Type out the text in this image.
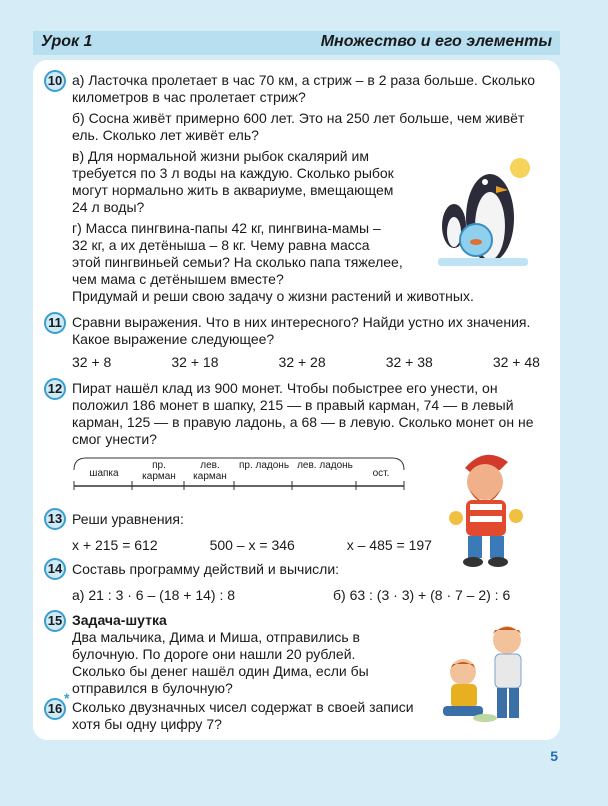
Урок 1	Множество и его элементы
10 а) Ласточка пролетает в час 70 км, а стриж – в 2 раза больше. Сколько
километров в час пролетает стриж?
б) Сосна живёт примерно 600 лет. Это на 250 лет больше, чем живёт
ель. Сколько лет живёт ель?
в) Для нормальной жизни рыбок скалярий им
требуется по 3 л воды на каждую. Сколько рыбок
могут нормально жить в аквариуме, вмещающем
24 л воды?
г) Масса пингвина-папы 42 кг, пингвина-мамы –
32 кг, а их детёныша – 8 кг. Чему равна масса
этой пингвиньей семьи? На сколько папа тяжелее,
чем мама с детёнышем вместе?
Придумай и реши свою задачу о жизни растений и животных.
11 Сравни выражения. Что в них интересного? Найди устно их значения.
Какое выражение следующее?
32 + 8	32 + 18	32 + 28	32 + 38	32 + 48
12 Пират нашёл клад из 900 монет. Чтобы побыстрее его унести, он
положил 186 монет в шапку, 215 — в правый карман, 74 — в левый
карман, 125 — в правую ладонь, а 68 — в левую. Сколько монет он не
смог унести?
шапка
пр. карман
лев. карман
пр. ладонь лев. ладонь
ост.
13 Реши уравнения:
x + 215 = 612	500 – x = 346	x – 485 = 197
14 Составь программу действий и вычисли:
а) 21 : 3 · 6 – (18 + 14) : 8	б) 63 : (3 · 3) + (8 · 7 – 2) : 6
15 Задача-шутка
Два мальчика, Дима и Миша, отправились в
булочную. По дороге они нашли 20 рублей.
Сколько бы денег нашёл один Дима, если бы
отправился в булочную?
*
16 Сколько двузначных чисел содержат в своей записи
хотя бы одну цифру 7?
5
